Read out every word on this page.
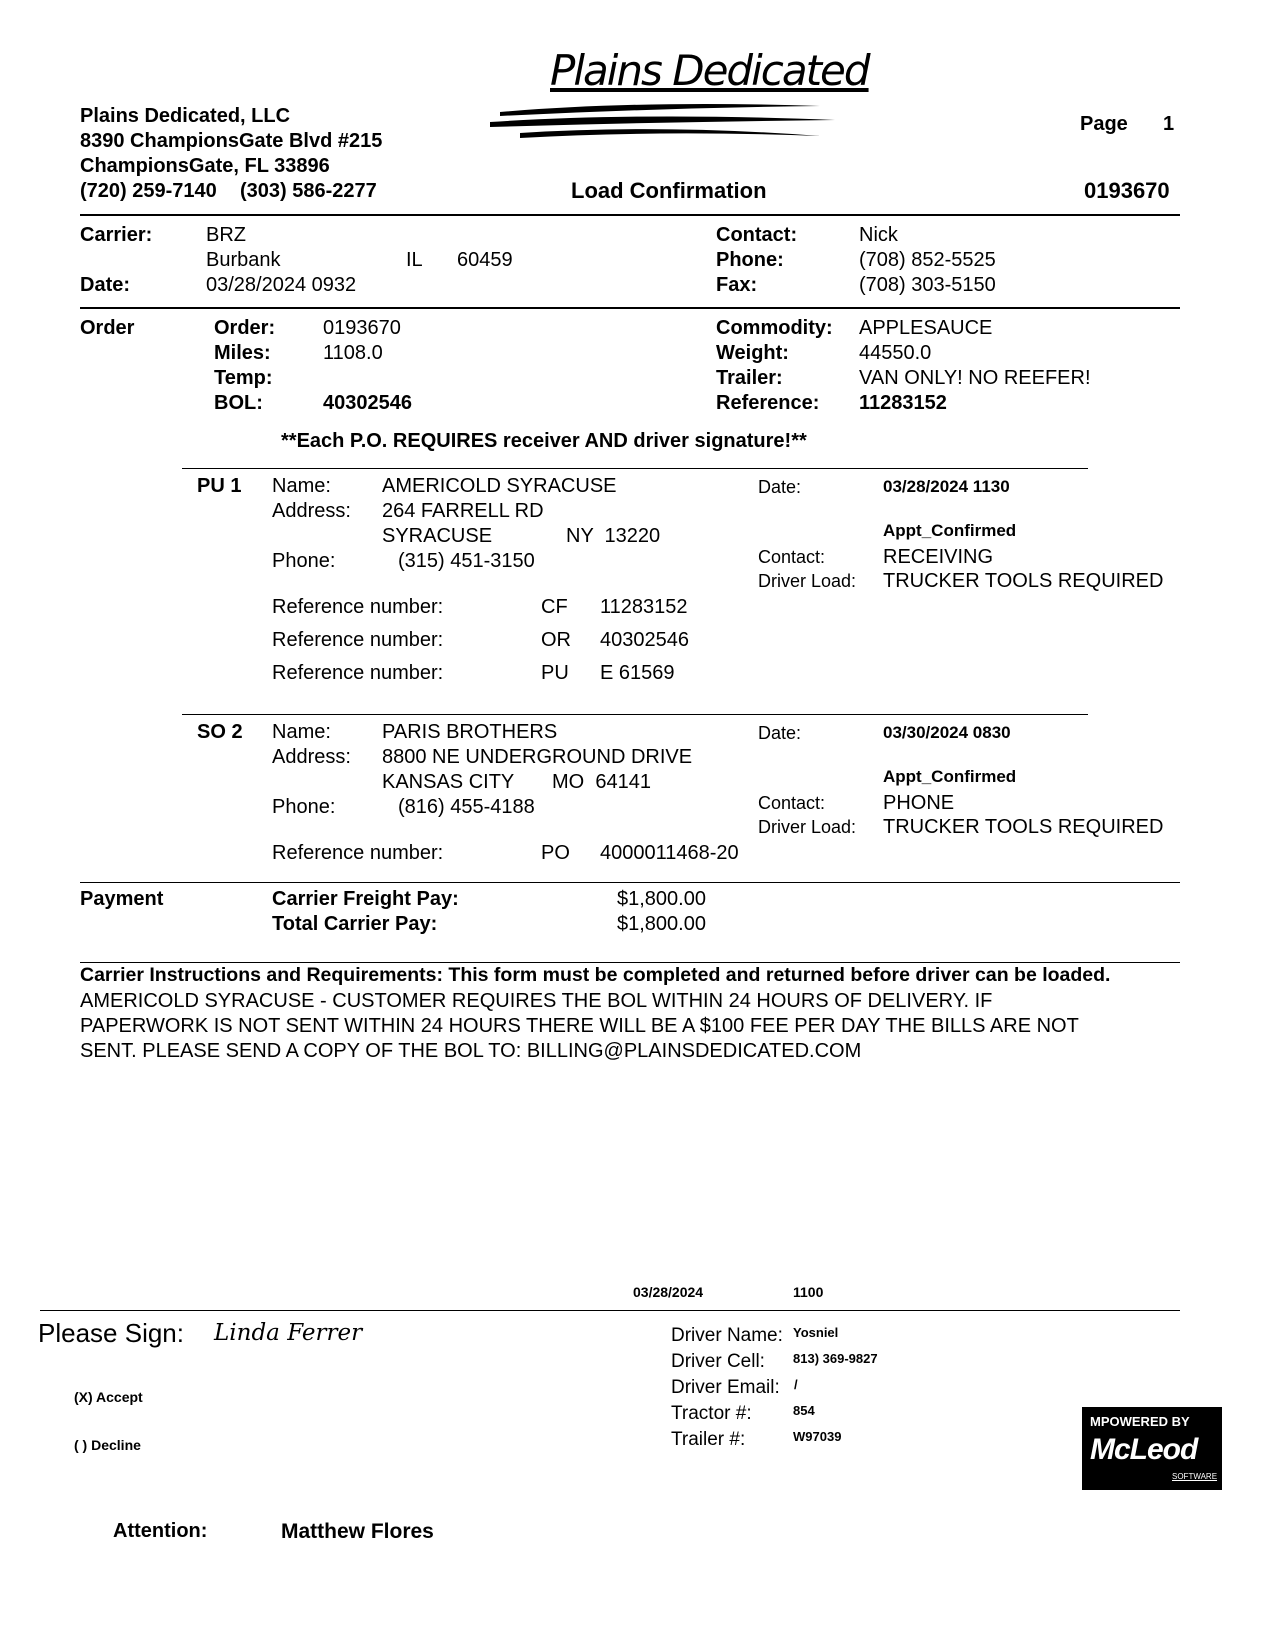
Plains Dedicated, LLC
8390 ChampionsGate Blvd #215
ChampionsGate, FL 33896
(720) 259-7140 (303) 586-2277
Plains Dedicated
Page 1
Load Confirmation	0193670
Carrier:	BRZ
Burbank	IL 60459
Date:	03/28/2024 0932
Contact:	Nick
Phone:	(708) 852-5525
Fax:	(708) 303-5150
Order	Order: 0193670
Miles:	1108.0
Temp:
BOL:	40302546
Commodity: APPLESAUCE
Weight:	44550.0
Trailer:	VAN ONLY! NO REEFER!
Reference: 11283152
**Each P.O. REQUIRES receiver AND driver signature!**
PU 1 Name:	AMERICOLD SYRACUSE
Address: 264 FARRELL RD
SYRACUSE	NY  13220
Phone:	(315) 451-3150
Date:	03/28/2024 1130
Appt_Confirmed
Contact:	RECEIVING
Driver Load: TRUCKER TOOLS REQUIRED
Reference number:	CF 11283152
Reference number:	OR 40302546
Reference number:	PU E 61569
SO 2 Name:	PARIS BROTHERS
Address: 8800 NE UNDERGROUND DRIVE
KANSAS CITY MO  64141
Phone:	(816) 455-4188
Date:	03/30/2024 0830
Appt_Confirmed
Contact:	PHONE
Driver Load: TRUCKER TOOLS REQUIRED
Reference number:	PO 4000011468-20
Payment	Carrier Freight Pay:	$1,800.00
Total Carrier Pay:	$1,800.00
Carrier Instructions and Requirements: This form must be completed and returned before driver can be loaded.
AMERICOLD SYRACUSE - CUSTOMER REQUIRES THE BOL WITHIN 24 HOURS OF DELIVERY. IF
PAPERWORK IS NOT SENT WITHIN 24 HOURS THERE WILL BE A $100 FEE PER DAY THE BILLS ARE NOT
SENT. PLEASE SEND A COPY OF THE BOL TO: BILLING@PLAINSDEDICATED.COM
03/28/2024	1100
Please Sign: Linda Ferrer
(X) Accept
( ) Decline
Driver Name: Yosniel
Driver Cell: 813) 369-9827
Driver Email: /
Tractor #:	854
Trailer #:	W97039
MPOWERED BY
McLeod
SOFTWARE
Attention:	Matthew Flores
